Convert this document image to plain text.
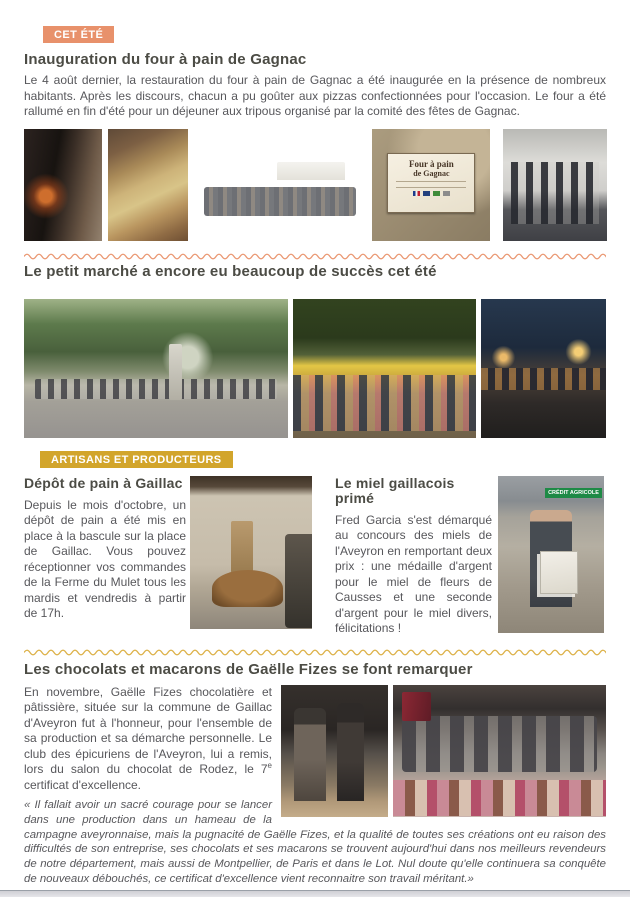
CET ÉTÉ
Inauguration du four à pain de Gagnac

Le 4 août dernier, la restauration du four à pain de Gagnac a été inaugurée en la présence de nombreux habitants. Après les discours, chacun a pu goûter aux pizzas confectionnées pour l'occasion. Le four a été rallumé en fin d'été pour un déjeuner aux tripous organisé par la comité des fêtes de Gagnac.

Four à pain
de Gagnac
Le petit marché a encore eu beaucoup de succès cet été
ARTISANS ET PRODUCTEURS
Dépôt de pain à Gaillac

Depuis le mois d'octobre, un dépôt de pain a été mis en place à la bascule sur la place de Gaillac. Vous pouvez réceptionner vos commandes de la Ferme du Mulet tous les mardis et vendredis à partir de 17h.

Le miel gaillacois primé

Fred Garcia s'est démarqué au concours des miels de l'Aveyron en remportant deux prix : une médaille d'argent pour le miel de fleurs de Causses et une seconde d'argent pour le miel divers, félicitations !

CRÉDIT AGRICOLE
Les chocolats et macarons de Gaëlle Fizes se font remarquer

En novembre, Gaëlle Fizes chocolatière et pâtissière, située sur la commune de Gaillac d'Aveyron fut à l'honneur, pour l'ensemble de sa production et sa démarche personnelle. Le club des épicuriens de l'Aveyron, lui a remis, lors du salon du chocolat de Rodez, le 7e certificat d'excellence.

« Il fallait avoir un sacré courage pour se lancer dans une production dans un hameau de la campagne aveyronnaise, mais la pugnacité de Gaëlle Fizes, et la qualité de toutes ses créations ont eu raison des difficultés de son entreprise, ses chocolats et ses macarons se trouvent aujourd'hui dans nos meilleurs revendeurs de notre département, mais aussi de Montpellier, de Paris et dans le Lot. Nul doute qu'elle continuera sa conquête de nouveaux débouchés, ce certificat d'excellence vient reconnaitre son travail méritant.»
